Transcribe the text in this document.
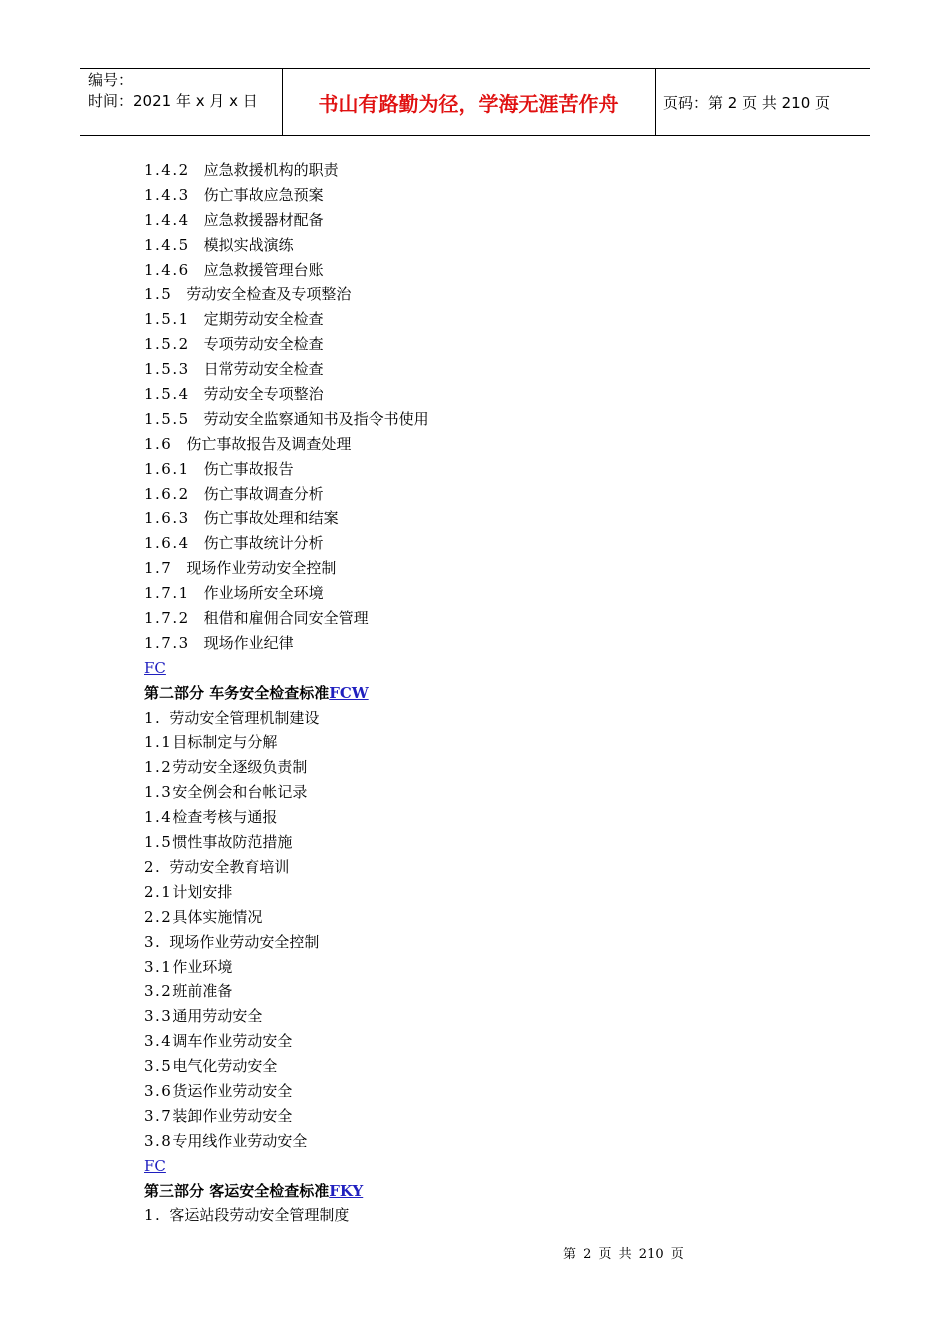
编号：
时间：2021 年 x 月 x 日	书山有路勤为径，学海无涯苦作舟	页码：第 2 页 共 210 页
1.4.2 应急救援机构的职责
1.4.3 伤亡事故应急预案
1.4.4 应急救援器材配备
1.4.5 模拟实战演练
1.4.6 应急救援管理台账
1.5 劳动安全检查及专项整治
1.5.1 定期劳动安全检查
1.5.2 专项劳动安全检查
1.5.3 日常劳动安全检查
1.5.4 劳动安全专项整治
1.5.5 劳动安全监察通知书及指令书使用
1.6 伤亡事故报告及调查处理
1.6.1 伤亡事故报告
1.6.2 伤亡事故调查分析
1.6.3 伤亡事故处理和结案
1.6.4 伤亡事故统计分析
1.7 现场作业劳动安全控制
1.7.1 作业场所安全环境
1.7.2 租借和雇佣合同安全管理
1.7.3 现场作业纪律
FC
第二部分 车务安全检查标准FCW
1. 劳动安全管理机制建设
1.1目标制定与分解
1.2劳动安全逐级负责制
1.3安全例会和台帐记录
1.4检查考核与通报
1.5惯性事故防范措施
2. 劳动安全教育培训
2.1计划安排
2.2具体实施情况
3. 现场作业劳动安全控制
3.1作业环境
3.2班前准备
3.3通用劳动安全
3.4调车作业劳动安全
3.5电气化劳动安全
3.6货运作业劳动安全
3.7装卸作业劳动安全
3.8专用线作业劳动安全
FC
第三部分 客运安全检查标准FKY
1. 客运站段劳动安全管理制度
第 2 页 共 210 页
